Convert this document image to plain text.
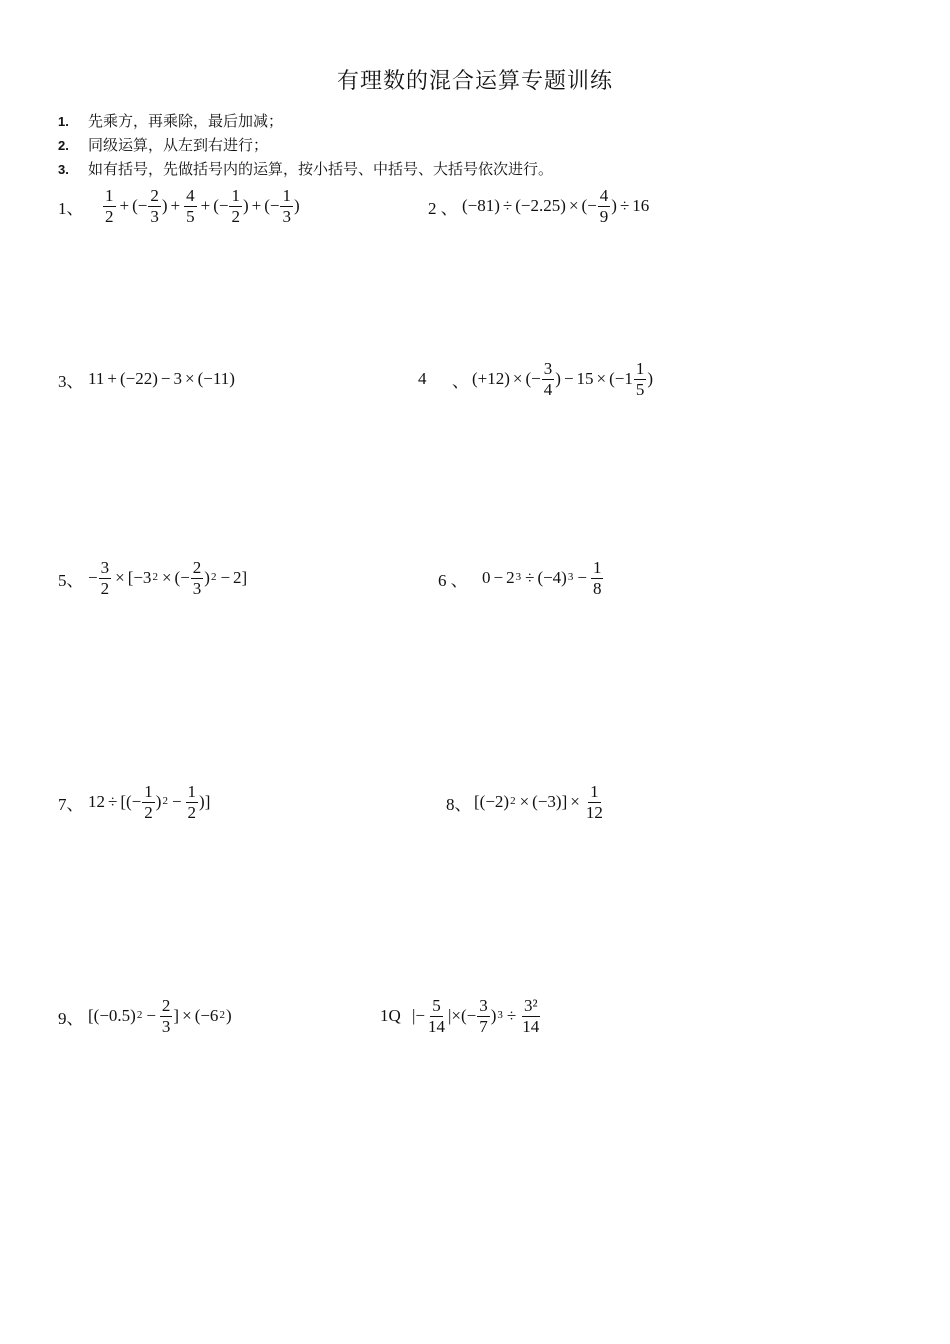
有理数的混合运算专题训练
1. 先乘方，再乘除，最后加减；
2. 同级运算，从左到右进行；
3. 如有括号，先做括号内的运算，按小括号、中括号、大括号依次进行。
1、	$\frac{1}{2}$ + (− $\frac{2}{3}$ ) + $\frac{4}{5}$ + (− $\frac{1}{2}$ ) + (− $\frac{1}{3}$ )	2 、 (−81) ÷ (−2.25) × (− $\frac{4}{9}$ ) ÷ 16
3、 11 + (−22) − 3 × (−11)	4	、 (+12) × (− $\frac{3}{4}$ ) − $15 \times (-1 \frac{1}{5}$ )
5、 − $\frac{3}{2} \times [-3^2$ × (− $\frac{2}{3} )^2 - 2$]	6 、 $0 - 2^3 \div (-4)^3 - \frac{1}{8}$
7、 12 ÷ [(− $\frac{1}{2} )^2 - \frac{1}{2}$ )]	8、 $[(-2)^2 \times (-3)] \times \frac{1}{12}$
9、 [$(-0.5)^2 - \frac{2}{3}$ ] × ($-6^2$ )	1Q |− $\frac{5}{14}$ |×(− $\frac{3}{7} )^3 \div \frac{\text{3²}}{14}$
